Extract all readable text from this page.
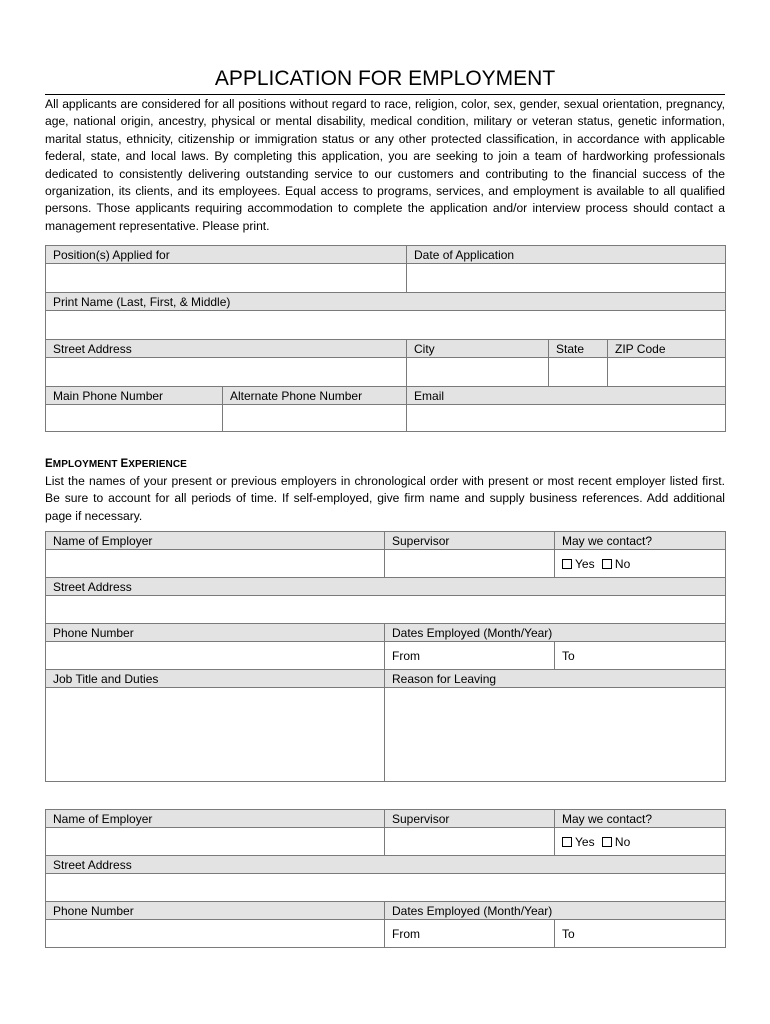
APPLICATION FOR EMPLOYMENT
All applicants are considered for all positions without regard to race, religion, color, sex, gender, sexual orientation, pregnancy, age, national origin, ancestry, physical or mental disability, medical condition, military or veteran status, genetic information, marital status, ethnicity, citizenship or immigration status or any other protected classification, in accordance with applicable federal, state, and local laws. By completing this application, you are seeking to join a team of hardworking professionals dedicated to consistently delivering outstanding service to our customers and contributing to the financial success of the organization, its clients, and its employees. Equal access to programs, services, and employment is available to all qualified persons. Those applicants requiring accommodation to complete the application and/or interview process should contact a management representative. Please print.
Position(s) Applied for		Date of Application		

Print Name (Last, First, & Middle)				

Street Address		City	State	ZIP Code

Main Phone Number	Alternate Phone Number	Email		

EMPLOYMENT EXPERIENCE
List the names of your present or previous employers in chronological order with present or most recent employer listed first. Be sure to account for all periods of time. If self-employed, give firm name and supply business references. Add additional page if necessary.
Name of Employer	Supervisor	May we contact?
		Yes No
Street Address		

Phone Number	Dates Employed (Month/Year)	
	From	To
Job Title and Duties	Reason for Leaving	

Name of Employer	Supervisor	May we contact?
		Yes No
Street Address		

Phone Number	Dates Employed (Month/Year)	
	From	To
